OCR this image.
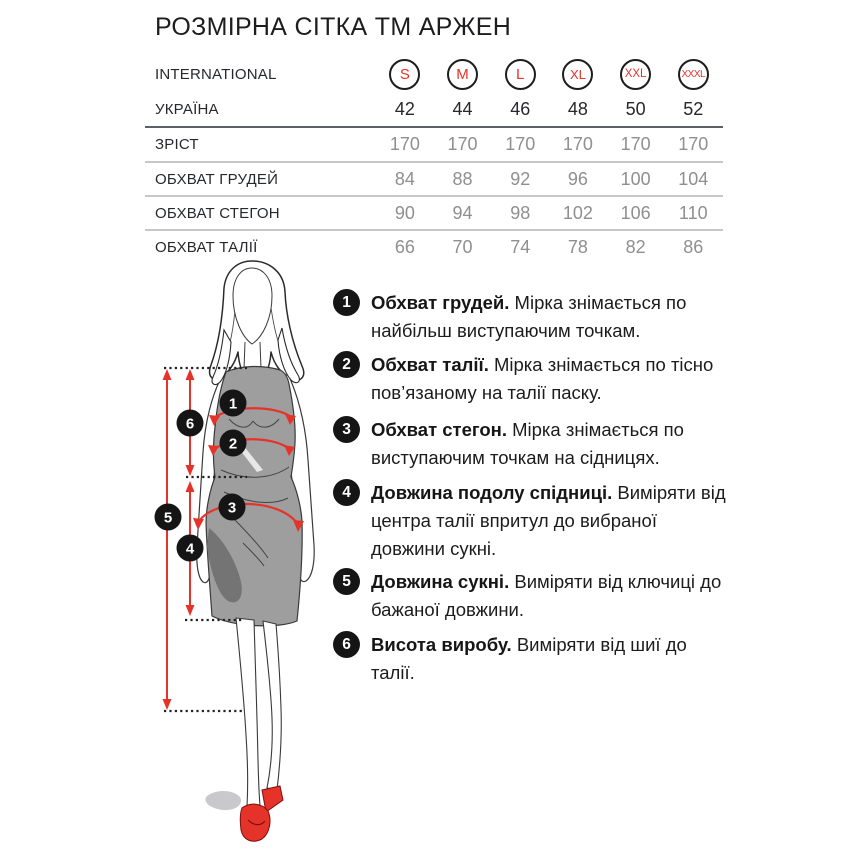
РОЗМІРНА СІТКА ТМ АРЖЕН
INTERNATIONAL	S	M	L	XL	XXL	XXXL
УКРАЇНА	42	44	46	48	50	52
ЗРІСТ	170	170	170	170	170	170
ОБХВАТ ГРУДЕЙ	84	88	92	96	100	104
ОБХВАТ СТЕГОН	90	94	98	102	106	110
ОБХВАТ ТАЛІЇ	66	70	74	78	82	86
1
2
3
4
5
6
1 Обхват грудей. Мірка знімається по найбільш виступаючим точкам.

2 Обхват талії. Мірка знімається по тісно пов’язаному на талії паску.

3 Обхват стегон. Мірка знімається по виступаючим точкам на сідницях.

4 Довжина подолу спідниці. Виміряти від центра талії впритул до вибраної довжини сукні.

5 Довжина сукні. Виміряти від ключиці до бажаної довжини.

6 Висота виробу. Виміряти від шиї до талії.
